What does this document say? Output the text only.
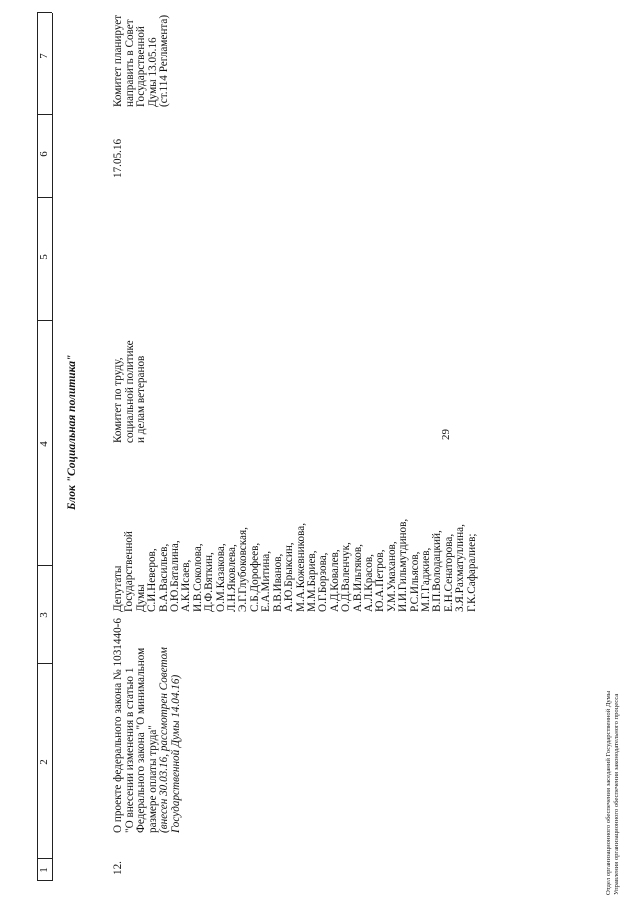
29
1
2
3
4
5
6
7
Блок "Социальная политика"
12.
О проекте федерального закона № 1031440-6 "О внесении изменения в статью 1 Федерального закона "О минимальном размере оплаты труда" (внесен 30.03.16, рассмотрен Советом Государственной Думы 14.04.16)
Депутаты Государственной Думы С.И.Неверов, В.А.Васильев, О.Ю.Баталина, А.К.Исаев, И.В.Соколова, Д.Ф.Вяткин, О.М.Казакова, Л.Н.Яковлева, Э.Г.Глубоковская, С.Б.Дорофеев, Е.А.Митина, В.В.Иванов, А.Ю.Брыксин, М.А.Кожевникова, М.М.Бариев, О.Г.Борзова, А.Д.Ковалев, О.Д.Валенчук, А.В.Ильтяков, А.Л.Красов, Ю.А.Петров, У.М.Умаханов, И.И.Гильмутдинов, Р.С.Ильясов, М.Г.Гаджиев, В.П.Володацкий, Е.Н.Сенаторова, З.Я.Рахматуллина, Г.К.Сафаралиев;
Комитет по труду, социальной политике и делам ветеранов
17.05.16
Комитет планирует направить в Совет Государственной Думы 13.05.16 (ст.114 Регламента)
Отдел организационного обеспечения заседаний Государственной Думы Управления организационного обеспечения законодательного процесса
